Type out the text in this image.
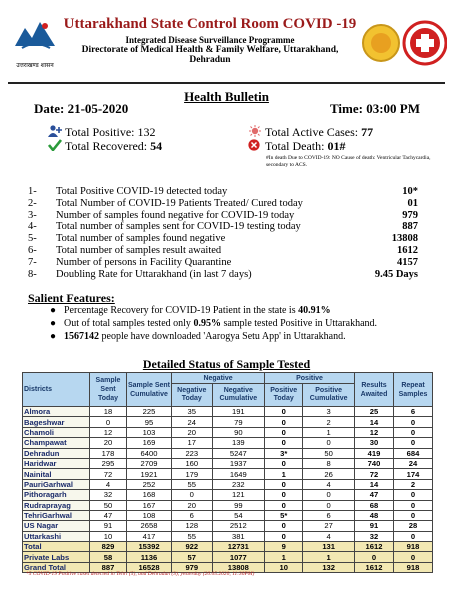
उत्तराखण्ड शासन
Uttarakhand State Control Room COVID -19
Integrated Disease Surveillance Programme
Directorate of Medical Health & Family Welfare, Uttarakhand, Dehradun
Health Bulletin
Date: 21-05-2020	Time: 03:00 PM
Total Positive: 132
Total Recovered: 54
Total Active Cases: 77
Total Death: 01#
#In death Due to COVID-19: NO Cause of death: Ventricular Tachycardia, secondary to ACS.
1- Total Positive COVID-19 detected today	10*
2- Total Number of COVID-19 Patients Treated/ Cured today	01
3- Number of samples found negative for COVID-19 today	979
4- Total number of samples sent for COVID-19 testing today	887
5- Total number of samples found negative	13808
6- Total number of samples result awaited	1612
7- Number of persons in Facility Quarantine	4157
8- Doubling Rate for Uttarakhand (in last 7 days)	9.45 Days
Salient Features:
● Percentage Recovery for COVID-19 Patient in the state is 40.91%
● Out of total samples tested only 0.95% sample tested Positive in Uttarakhand.
● 1567142 people have downloaded 'Aarogya Setu App' in Uttarakhand.
Detailed Status of Sample Tested
Districts	Sample Sent Today	Sample Sent Cumulative	Negative		Positive		Results Awaited	Repeat Samples
			Negative Today	Negative Cumulative	Positive Today	Positive Cumulative		
Almora	18	225	35	191	0	3	25	6
Bageshwar	0	95	24	79	0	2	14	0
Chamoli	12	103	20	90	0	1	12	0
Champawat	20	169	17	139	0	0	30	0
Dehradun	178	6400	223	5247	3*	50	419	684
Haridwar	295	2709	160	1937	0	8	740	24
Nainital	72	1921	179	1649	1	26	72	174
PauriGarhwal	4	252	55	232	0	4	14	2
Pithoragarh	32	168	0	121	0	0	47	0
Rudraprayag	50	167	20	99	0	0	68	0
TehriGarhwal	47	108	6	54	5*	6	48	0
US Nagar	91	2658	128	2512	0	27	91	28
Uttarkashi	10	417	55	381	0	4	32	0
Total	829	15392	922	12731	9	131	1612	918
Private Labs	58	1136	57	1077	1	1	0	0
Grand Total	887	16528	979	13808	10	132	1612	918
*5 COVID-19 Positive cases detected in Tehri (5), and Dehradun (3), yesterday (20.05.2020, 11:30PM)
